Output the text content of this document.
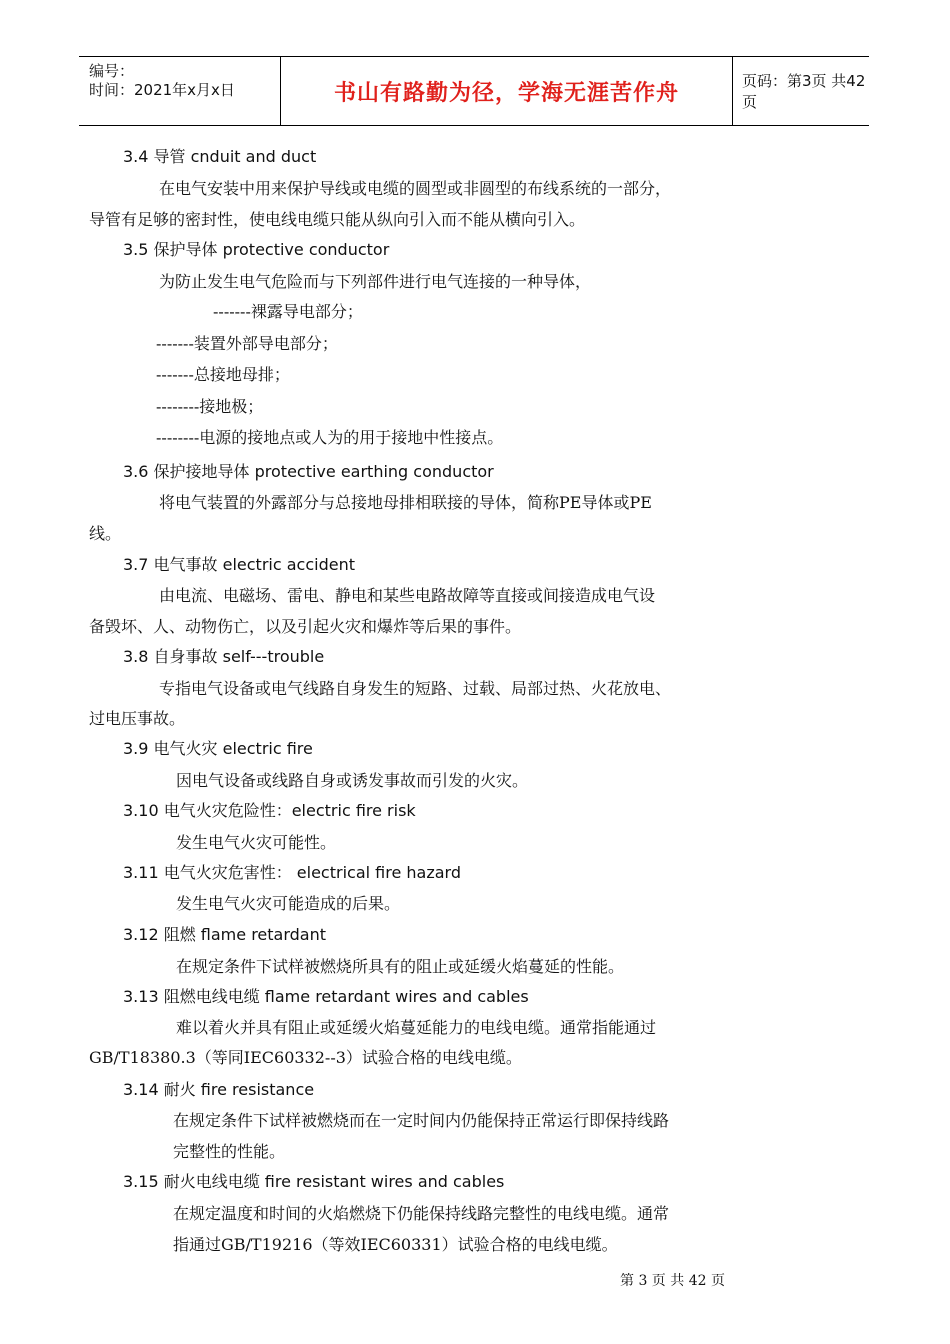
编号：
时间：2021年x月x日	书山有路勤为径，学海无涯苦作舟	页码：第3页 共42页
3.4 导管 cnduit and duct
在电气安装中用来保护导线或电缆的圆型或非圆型的布线系统的一部分，
导管有足够的密封性，使电线电缆只能从纵向引入而不能从横向引入。
3.5 保护导体 protective conductor
为防止发生电气危险而与下列部件进行电气连接的一种导体，
-------裸露导电部分；
-------装置外部导电部分；
-------总接地母排；
--------接地极；
--------电源的接地点或人为的用于接地中性接点。
3.6 保护接地导体 protective earthing conductor
将电气装置的外露部分与总接地母排相联接的导体，简称PE导体或PE
线。
3.7 电气事故 electric accident
由电流、电磁场、雷电、静电和某些电路故障等直接或间接造成电气设
备毁坏、人、动物伤亡，以及引起火灾和爆炸等后果的事件。
3.8 自身事故 self---trouble
专指电气设备或电气线路自身发生的短路、过载、局部过热、火花放电、
过电压事故。
3.9 电气火灾 electric fire
因电气设备或线路自身或诱发事故而引发的火灾。
3.10 电气火灾危险性：electric fire risk
发生电气火灾可能性。
3.11 电气火灾危害性： electrical fire hazard
发生电气火灾可能造成的后果。
3.12 阻燃 flame retardant
在规定条件下试样被燃烧所具有的阻止或延缓火焰蔓延的性能。
3.13 阻燃电线电缆 flame retardant wires and cables
难以着火并具有阻止或延缓火焰蔓延能力的电线电缆。通常指能通过
GB/T18380.3（等同IEC60332--3）试验合格的电线电缆。
3.14 耐火 fire resistance
在规定条件下试样被燃烧而在一定时间内仍能保持正常运行即保持线路
完整性的性能。
3.15 耐火电线电缆 fire resistant wires and cables
在规定温度和时间的火焰燃烧下仍能保持线路完整性的电线电缆。通常
指通过GB/T19216（等效IEC60331）试验合格的电线电缆。
第 3 页 共 42 页
